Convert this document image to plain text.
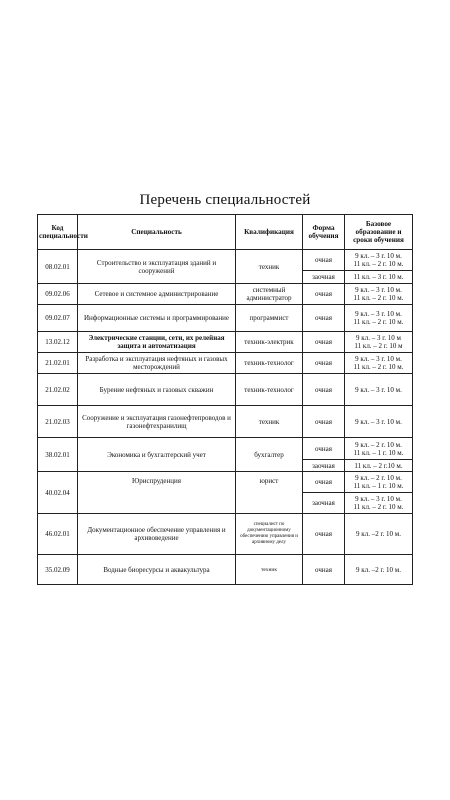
Перечень специальностей
Код специальности	Специальность	Квалификация	Форма обучения	Базовое образование и сроки обучения
08.02.01	Строительство и эксплуатация зданий и сооружений	техник	очная	9 кл. – 3 г. 10 м.
11 кл. – 2 г. 10 м.

			заочная	11 кл. – 3 г. 10 м.

09.02.06	Сетевое и системное администрирование	системный администратор	очная	9 кл. – 3 г. 10 м.
11 кл. – 2 г. 10 м.

09.02.07	Информационные системы и программирование	программист	очная	9 кл. – 3 г. 10 м.
11 кл. – 2 г. 10 м.

13.02.12	Электрические станции, сети, их релейная защита и автоматизация	техник-электрик	очная	9 кл. – 3 г. 10 м
11 кл. – 2 г. 10 м

21.02.01	Разработка и эксплуатация нефтяных и газовых месторождений	техник-технолог	очная	9 кл. – 3 г. 10 м.
11 кл. – 2 г. 10 м.

21.02.02	Бурение нефтяных и газовых скважин	техник-технолог	очная	9 кл. – 3 г. 10 м.

21.02.03	Сооружение и эксплуатация газонефтепроводов и газонефтехранилищ	техник	очная	9 кл. – 3 г. 10 м.

38.02.01	Экономика и бухгалтерский учет	бухгалтер	очная	9 кл. – 2 г. 10 м.
11 кл. – 1 г. 10 м.

			заочная	11 кл. – 2 г.10 м.

40.02.04	Юриспруденция	юрист	очная	9 кл. – 2 г. 10 м.
11 кл. – 1 г. 10 м.

			заочная	9 кл. – 3 г. 10 м.
11 кл. – 2 г. 10 м.

46.02.01	Документационное обеспечение управления и архивоведение	специалист по документационному обеспечению управления и архивному делу	очная	9 кл. –2 г. 10 м.

35.02.09	Водные биоресурсы и аквакультура	техник	очная	9 кл. –2 г. 10 м.
